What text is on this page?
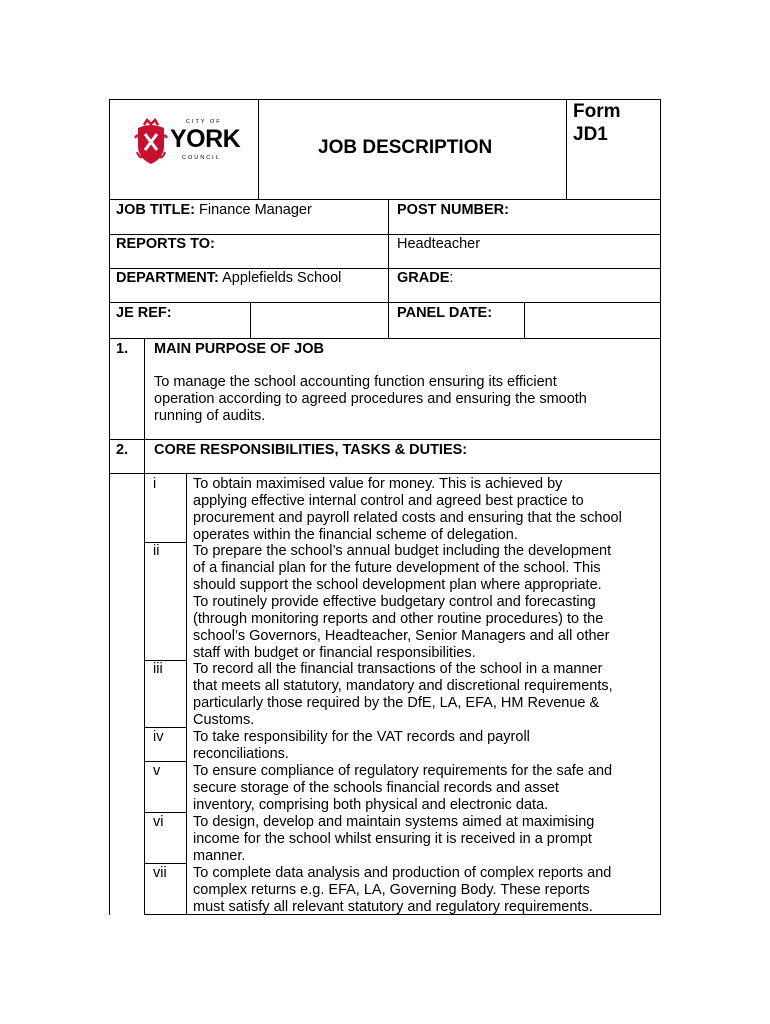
CITY OF
YORK
COUNCIL	JOB DESCRIPTION
Form
JD1
JOB TITLE: Finance Manager	POST NUMBER:
REPORTS TO:	Headteacher
DEPARTMENT: Applefields School	GRADE:
JE REF:	PANEL DATE:
1. MAIN PURPOSE OF JOB
To manage the school accounting function ensuring its efficient
operation according to agreed procedures and ensuring the smooth
running of audits.
2. CORE RESPONSIBILITIES, TASKS & DUTIES:
i	To obtain maximised value for money. This is achieved by
applying effective internal control and agreed best practice to
procurement and payroll related costs and ensuring that the school
operates within the financial scheme of delegation.
ii To prepare the school’s annual budget including the development
of a financial plan for the future development of the school. This
should support the school development plan where appropriate.
To routinely provide effective budgetary control and forecasting
(through monitoring reports and other routine procedures) to the
school’s Governors, Headteacher, Senior Managers and all other
staff with budget or financial responsibilities.
iii To record all the financial transactions of the school in a manner
that meets all statutory, mandatory and discretional requirements,
particularly those required by the DfE, LA, EFA, HM Revenue &
Customs.
iv To take responsibility for the VAT records and payroll
reconciliations.
v To ensure compliance of regulatory requirements for the safe and
secure storage of the schools financial records and asset
inventory, comprising both physical and electronic data.
vi To design, develop and maintain systems aimed at maximising
income for the school whilst ensuring it is received in a prompt
manner.
vii To complete data analysis and production of complex reports and
complex returns e.g. EFA, LA, Governing Body. These reports
must satisfy all relevant statutory and regulatory requirements.
